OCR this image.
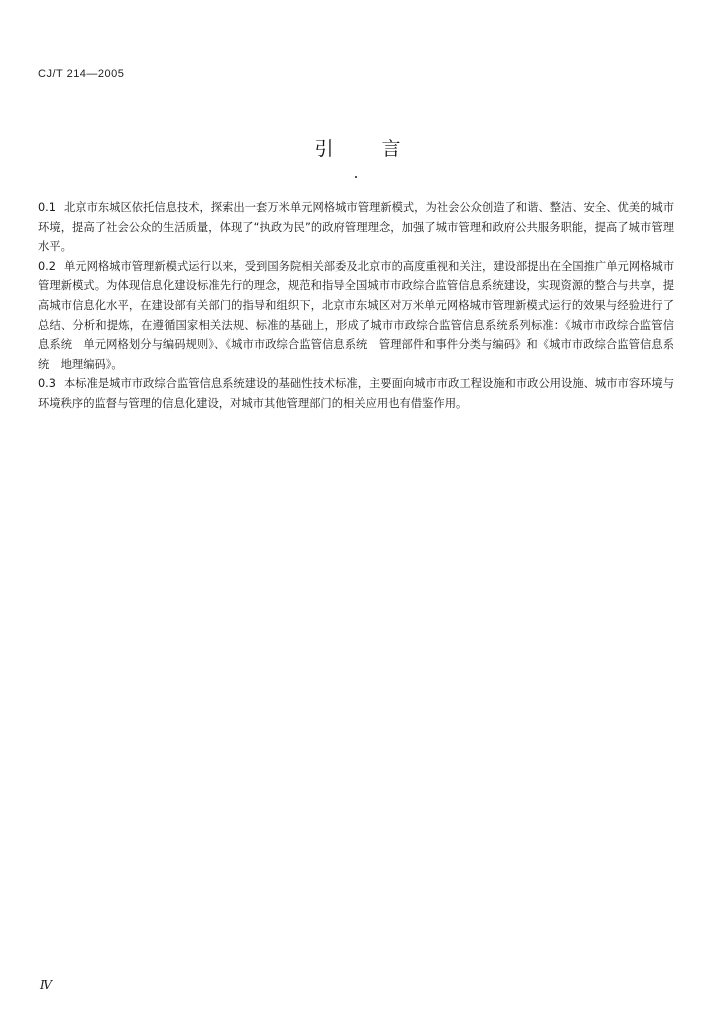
CJ/T 214—2005
引	言

0.1 北京市东城区依托信息技术，探索出一套万米单元网格城市管理新模式，为社会公众创造了和谐、整洁、安全、优美的城市环境，提高了社会公众的生活质量，体现了“执政为民”的政府管理理念，加强了城市管理和政府公共服务职能，提高了城市管理水平。

0.2 单元网格城市管理新模式运行以来，受到国务院相关部委及北京市的高度重视和关注，建设部提出在全国推广单元网格城市管理新模式。为体现信息化建设标准先行的理念，规范和指导全国城市市政综合监管信息系统建设，实现资源的整合与共享，提高城市信息化水平，在建设部有关部门的指导和组织下，北京市东城区对万米单元网格城市管理新模式运行的效果与经验进行了总结、分析和提炼，在遵循国家相关法规、标准的基础上，形成了城市市政综合监管信息系统系列标准：《城市市政综合监管信息系统　单元网格划分与编码规则》、《城市市政综合监管信息系统　管理部件和事件分类与编码》和《城市市政综合监管信息系统　地理编码》。

0.3 本标准是城市市政综合监管信息系统建设的基础性技术标准，主要面向城市市政工程设施和市政公用设施、城市市容环境与环境秩序的监督与管理的信息化建设，对城市其他管理部门的相关应用也有借鉴作用。

Ⅳ
